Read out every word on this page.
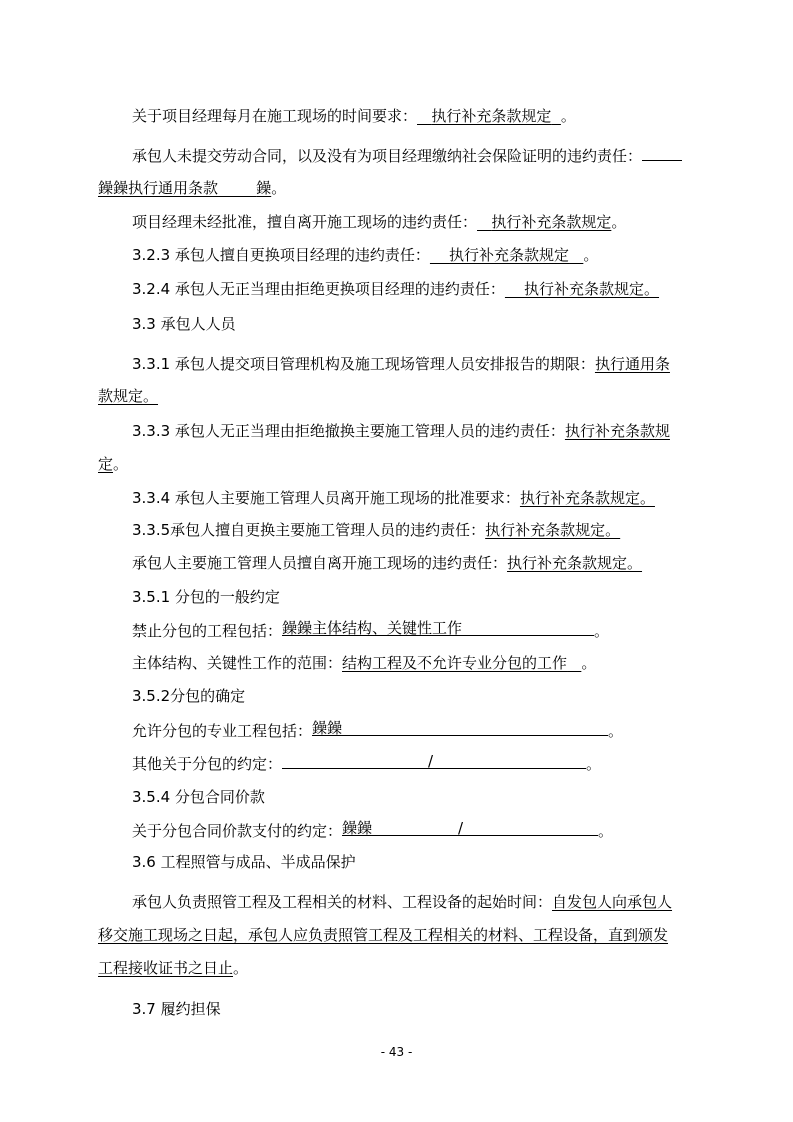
关于项目经理每月在施工现场的时间要求： 执行补充条款规定 。

承包人未提交劳动合同，以及没有为项目经理缴纳社会保险证明的违约责任：

鐰鐰执行通用条款	鐰。

项目经理未经批准，擅自离开施工现场的违约责任： 执行补充条款规定。

3.2.3 承包人擅自更换项目经理的违约责任： 执行补充条款规定 。

3.2.4 承包人无正当理由拒绝更换项目经理的违约责任： 执行补充条款规定。

3.3 承包人人员

3.3.1 承包人提交项目管理机构及施工现场管理人员安排报告的期限：执行通用条

款规定。

3.3.3 承包人无正当理由拒绝撤换主要施工管理人员的违约责任：执行补充条款规

定。

3.3.4 承包人主要施工管理人员离开施工现场的批准要求：执行补充条款规定。

3.3.5承包人擅自更换主要施工管理人员的违约责任：执行补充条款规定。

承包人主要施工管理人员擅自离开施工现场的违约责任：执行补充条款规定。

3.5.1 分包的一般约定

禁止分包的工程包括： 鐰鐰主体结构、关键性工作	。

主体结构、关键性工作的范围：结构工程及不允许专业分包的工作 。

3.5.2分包的确定

允许分包的专业工程包括： 鐰鐰	。

其他关于分包的约定：	/	。

3.5.4 分包合同价款

关于分包合同价款支付的约定： 鐰鐰	/	。

3.6 工程照管与成品、半成品保护

承包人负责照管工程及工程相关的材料、工程设备的起始时间：自发包人向承包人

移交施工现场之日起，承包人应负责照管工程及工程相关的材料、工程设备，直到颁发

工程接收证书之日止。

3.7 履约担保

- 43 -
